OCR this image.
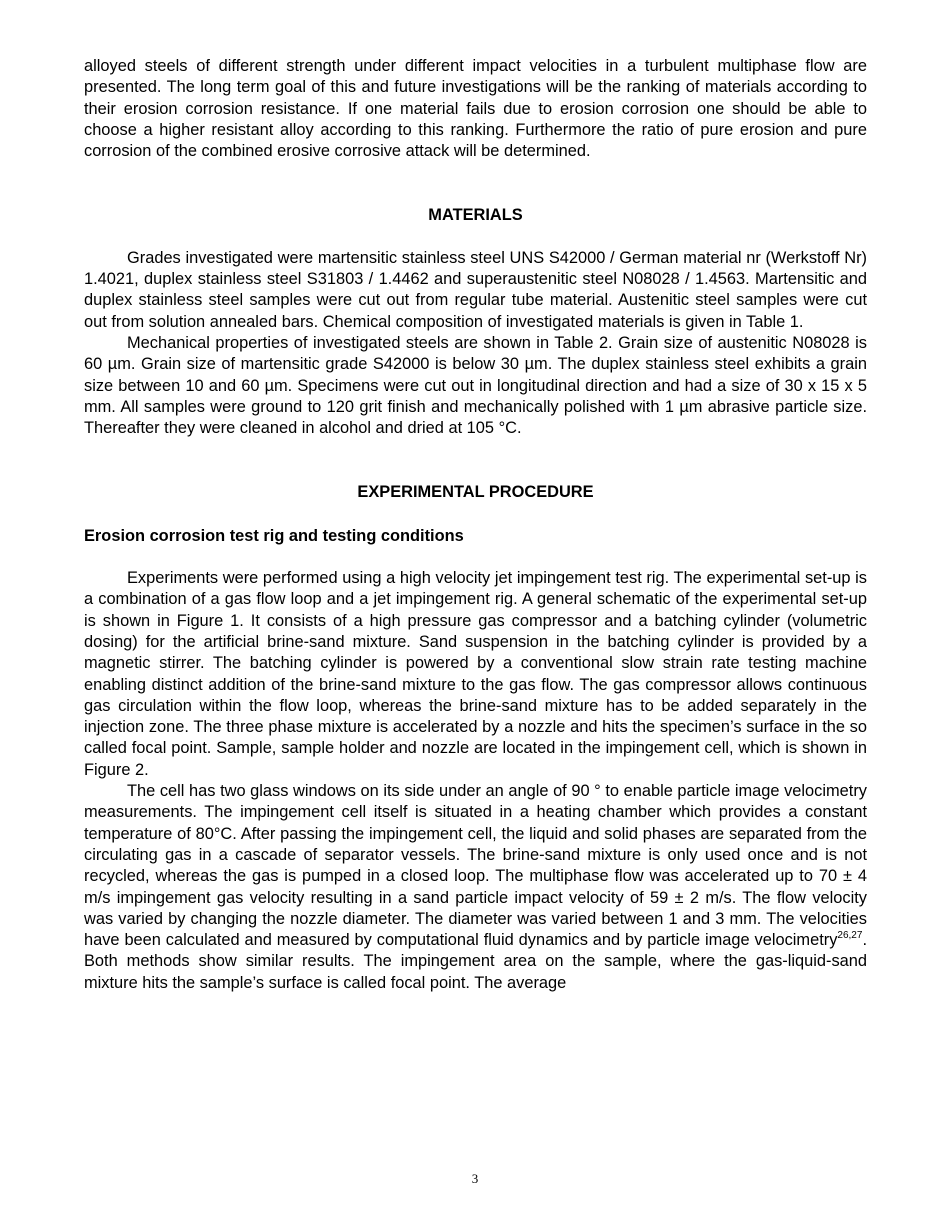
alloyed steels of different strength under different impact velocities in a turbulent multiphase flow are presented. The long term goal of this and future investigations will be the ranking of materials according to their erosion corrosion resistance. If one material fails due to erosion corrosion one should be able to choose a higher resistant alloy according to this ranking. Furthermore the ratio of pure erosion and pure corrosion of the combined erosive corrosive attack will be determined.

MATERIALS

Grades investigated were martensitic stainless steel UNS S42000 / German material nr (Werkstoff Nr) 1.4021, duplex stainless steel S31803 / 1.4462 and superaustenitic steel N08028 / 1.4563. Martensitic and duplex stainless steel samples were cut out from regular tube material. Austenitic steel samples were cut out from solution annealed bars. Chemical composition of investigated materials is given in Table 1.

Mechanical properties of investigated steels are shown in Table 2. Grain size of austenitic N08028 is 60 µm. Grain size of martensitic grade S42000 is below 30 µm. The duplex stainless steel exhibits a grain size between 10 and 60 µm. Specimens were cut out in longitudinal direction and had a size of 30 x 15 x 5 mm. All samples were ground to 120 grit finish and mechanically polished with 1 µm abrasive particle size. Thereafter they were cleaned in alcohol and dried at 105 °C.

EXPERIMENTAL PROCEDURE
Erosion corrosion test rig and testing conditions

Experiments were performed using a high velocity jet impingement test rig. The experimental set-up is a combination of a gas flow loop and a jet impingement rig. A general schematic of the experimental set-up is shown in Figure 1. It consists of a high pressure gas compressor and a batching cylinder (volumetric dosing) for the artificial brine-sand mixture. Sand suspension in the batching cylinder is provided by a magnetic stirrer. The batching cylinder is powered by a conventional slow strain rate testing machine enabling distinct addition of the brine-sand mixture to the gas flow. The gas compressor allows continuous gas circulation within the flow loop, whereas the brine-sand mixture has to be added separately in the injection zone. The three phase mixture is accelerated by a nozzle and hits the specimen’s surface in the so called focal point. Sample, sample holder and nozzle are located in the impingement cell, which is shown in Figure 2.

The cell has two glass windows on its side under an angle of 90 ° to enable particle image velocimetry measurements. The impingement cell itself is situated in a heating chamber which provides a constant temperature of 80°C. After passing the impingement cell, the liquid and solid phases are separated from the circulating gas in a cascade of separator vessels. The brine-sand mixture is only used once and is not recycled, whereas the gas is pumped in a closed loop. The multiphase flow was accelerated up to 70 ± 4 m/s impingement gas velocity resulting in a sand particle impact velocity of 59 ± 2 m/s. The flow velocity was varied by changing the nozzle diameter. The diameter was varied between 1 and 3 mm. The velocities have been calculated and measured by computational fluid dynamics and by particle image velocimetry$^{26,27}$. Both methods show similar results. The impingement area on the sample, where the gas-liquid-sand mixture hits the sample’s surface is called focal point. The average

3
